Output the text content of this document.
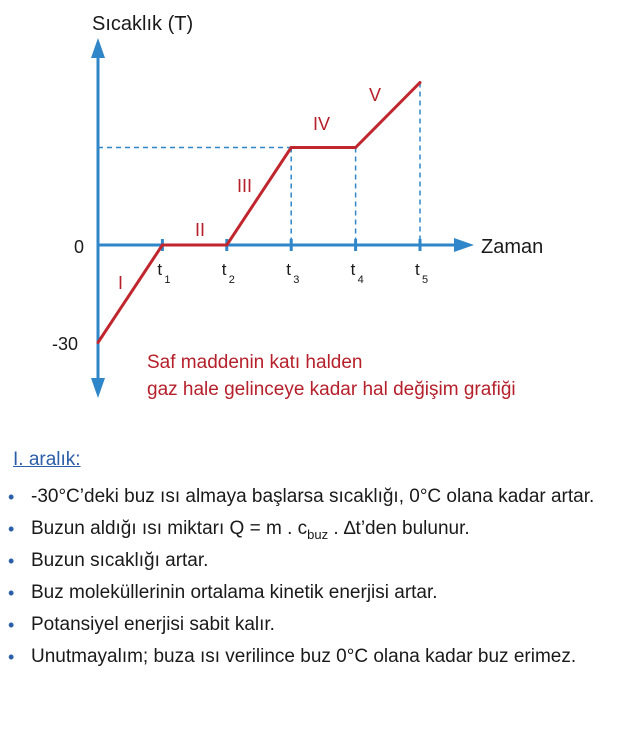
t
1
t
2
t
3
t
4
t
5
Sıcaklık (T)
Zaman
0
-30
I
II
III
IV
V
Saf maddenin katı halden
gaz hale gelinceye kadar hal değişim grafiği
I. aralık:
• -30°C’deki buz ısı almaya başlarsa sıcaklığı, 0°C olana kadar artar.
• Buzun aldığı ısı miktarı Q = m . $c_{buz}$ . ∆t’den bulunur.
• Buzun sıcaklığı artar.
• Buz moleküllerinin ortalama kinetik enerjisi artar.
• Potansiyel enerjisi sabit kalır.
• Unutmayalım; buza ısı verilince buz 0°C olana kadar buz erimez.
